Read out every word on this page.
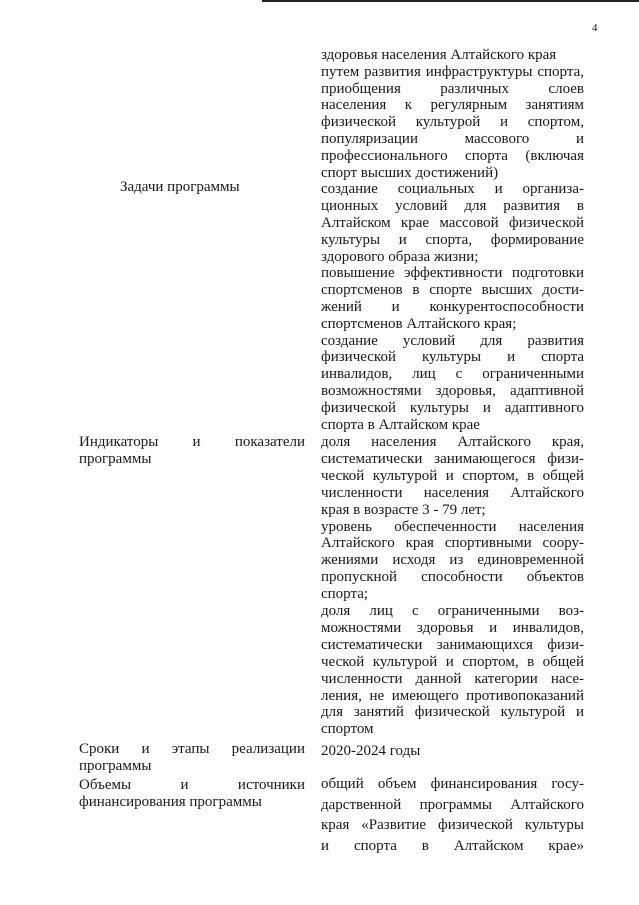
4
Задачи программы
здоровья населения Алтайского края
путем развития инфраструктуры спорта,
приобщения различных слоев
населения к регулярным занятиям
физической культурой и спортом,
популяризации массового и
профессионального спорта (включая
спорт высших достижений)
создание социальных и организа-
ционных условий для развития в
Алтайском крае массовой физической
культуры и спорта, формирование
здорового образа жизни;
повышение эффективности подготовки
спортсменов в спорте высших дости-
жений и конкурентоспособности
спортсменов Алтайского края;
создание условий для развития
физической культуры и спорта
инвалидов, лиц с ограниченными
возможностями здоровья, адаптивной
физической культуры и адаптивного
спорта в Алтайском крае
Индикаторы и показатели
программы
доля населения Алтайского края,
систематически занимающегося физи-
ческой культурой и спортом, в общей
численности населения Алтайского
края в возрасте 3 - 79 лет;
уровень обеспеченности населения
Алтайского края спортивными соору-
жениями исходя из единовременной
пропускной способности объектов
спорта;
доля лиц с ограниченными воз-
можностями здоровья и инвалидов,
систематически занимающихся физи-
ческой культурой и спортом, в общей
численности данной категории насе-
ления, не имеющего противопоказаний
для занятий физической культурой и
спортом
Сроки и этапы реализации
программы
2020-2024 годы
Объемы и источники
финансирования программы
общий объем финансирования госу-
дарственной программы Алтайского
края «Развитие физической культуры
и спорта в Алтайском крае»
